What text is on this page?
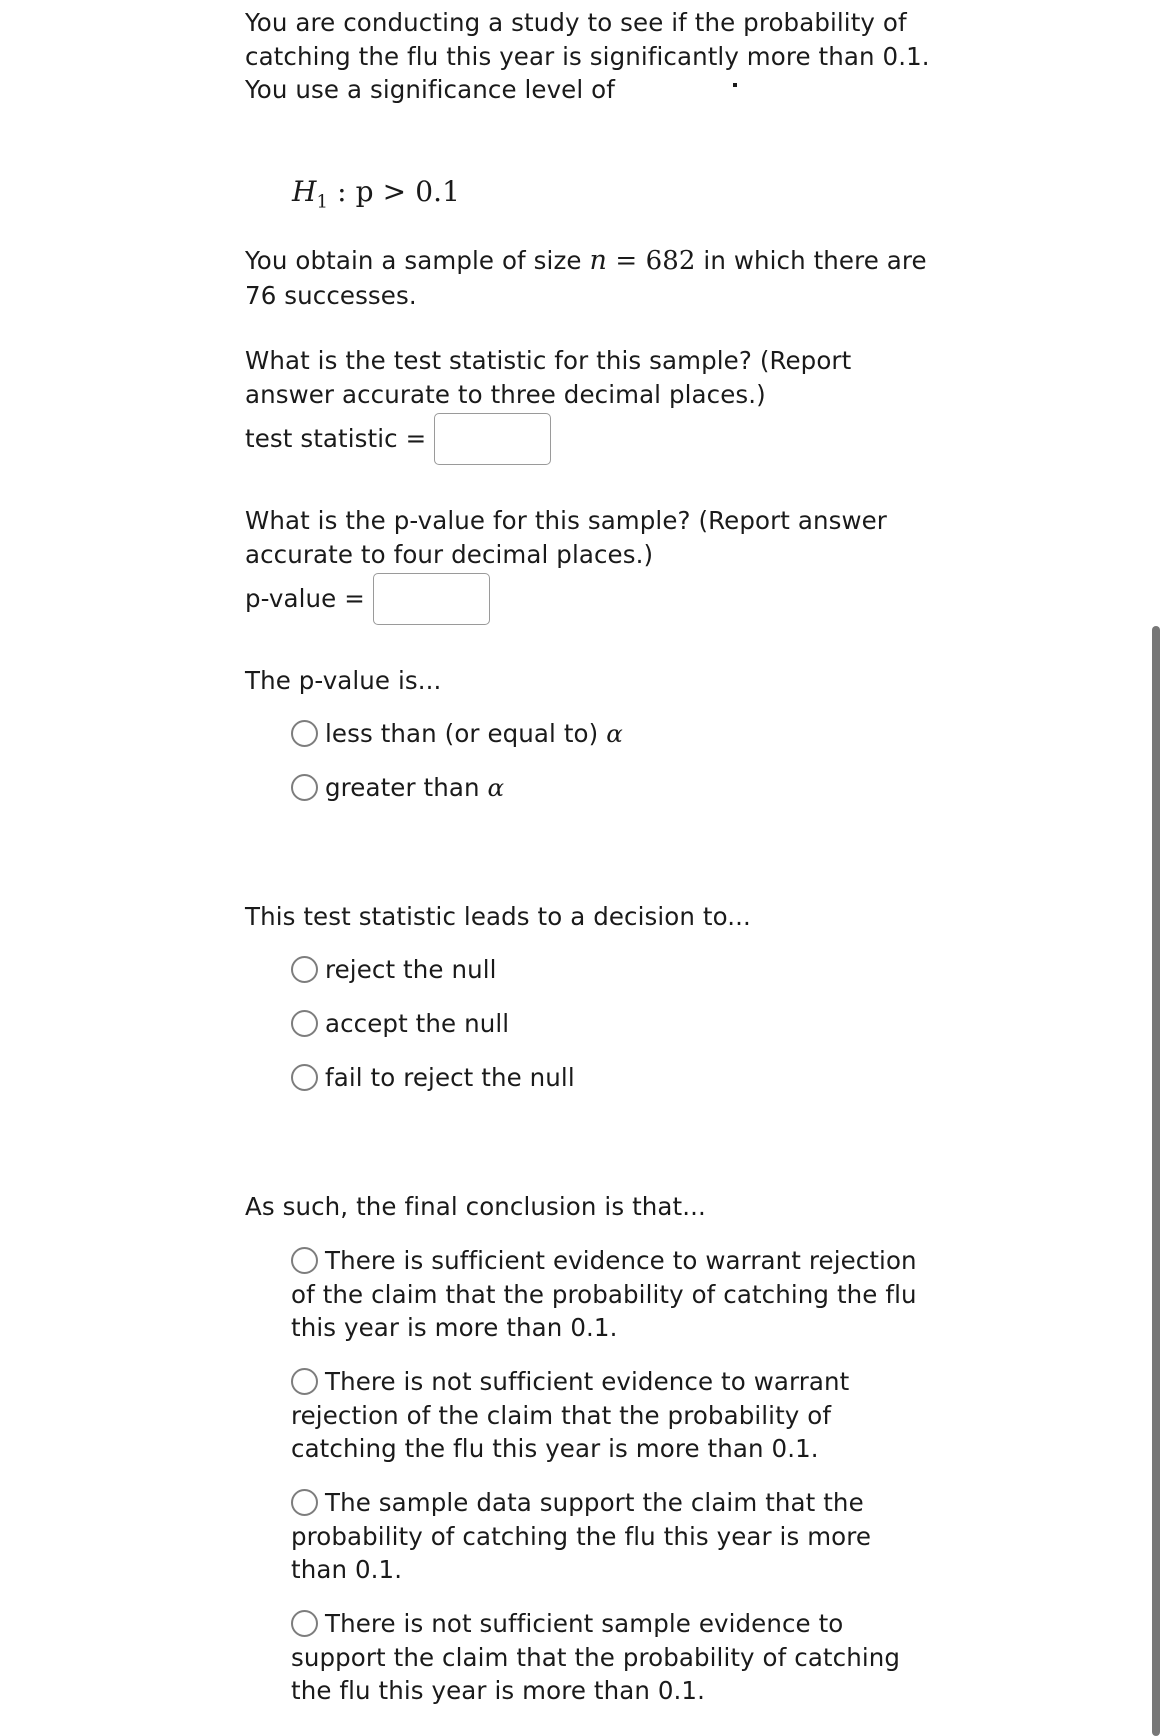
You are conducting a study to see if the probability of catching the flu this year is significantly more than 0.1. You use a significance level of
$H_1$ : p > 0.1
You obtain a sample of size n = 682 in which there are 76 successes.
What is the test statistic for this sample? (Report answer accurate to three decimal places.)
test statistic =
What is the p-value for this sample? (Report answer accurate to four decimal places.)
p-value =
The p-value is...
less than (or equal to) α
greater than α
This test statistic leads to a decision to...
reject the null
accept the null
fail to reject the null
As such, the final conclusion is that...
There is sufficient evidence to warrant rejection of the claim that the probability of catching the flu this year is more than 0.1.
There is not sufficient evidence to warrant rejection of the claim that the probability of catching the flu this year is more than 0.1.
The sample data support the claim that the probability of catching the flu this year is more than 0.1.
There is not sufficient sample evidence to support the claim that the probability of catching the flu this year is more than 0.1.
